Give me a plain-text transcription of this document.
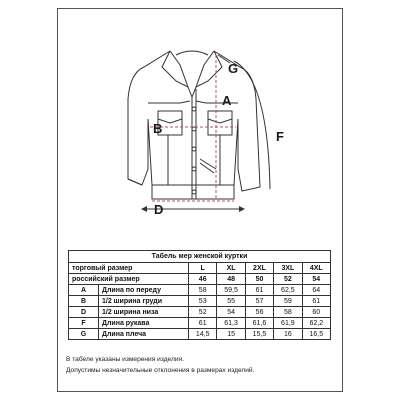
A
B
D
F
G
Табель мер женской куртки						
торговый размер		L	XL	2XL	3XL	4XL
российский размер		46	48	50	52	54
A	Длина по переду	58	59,5	61	62,5	64
B	1/2 ширина груди	53	55	57	59	61
D	1/2 ширина низа	52	54	56	58	60
F	Длина рукава	61	61,3	61,6	61,9	62,2
G	Длина плеча	14,5	15	15,5	16	16,5
В табеле указаны измерения изделия.
Допустимы незначительные отклонения в размерах изделий.
